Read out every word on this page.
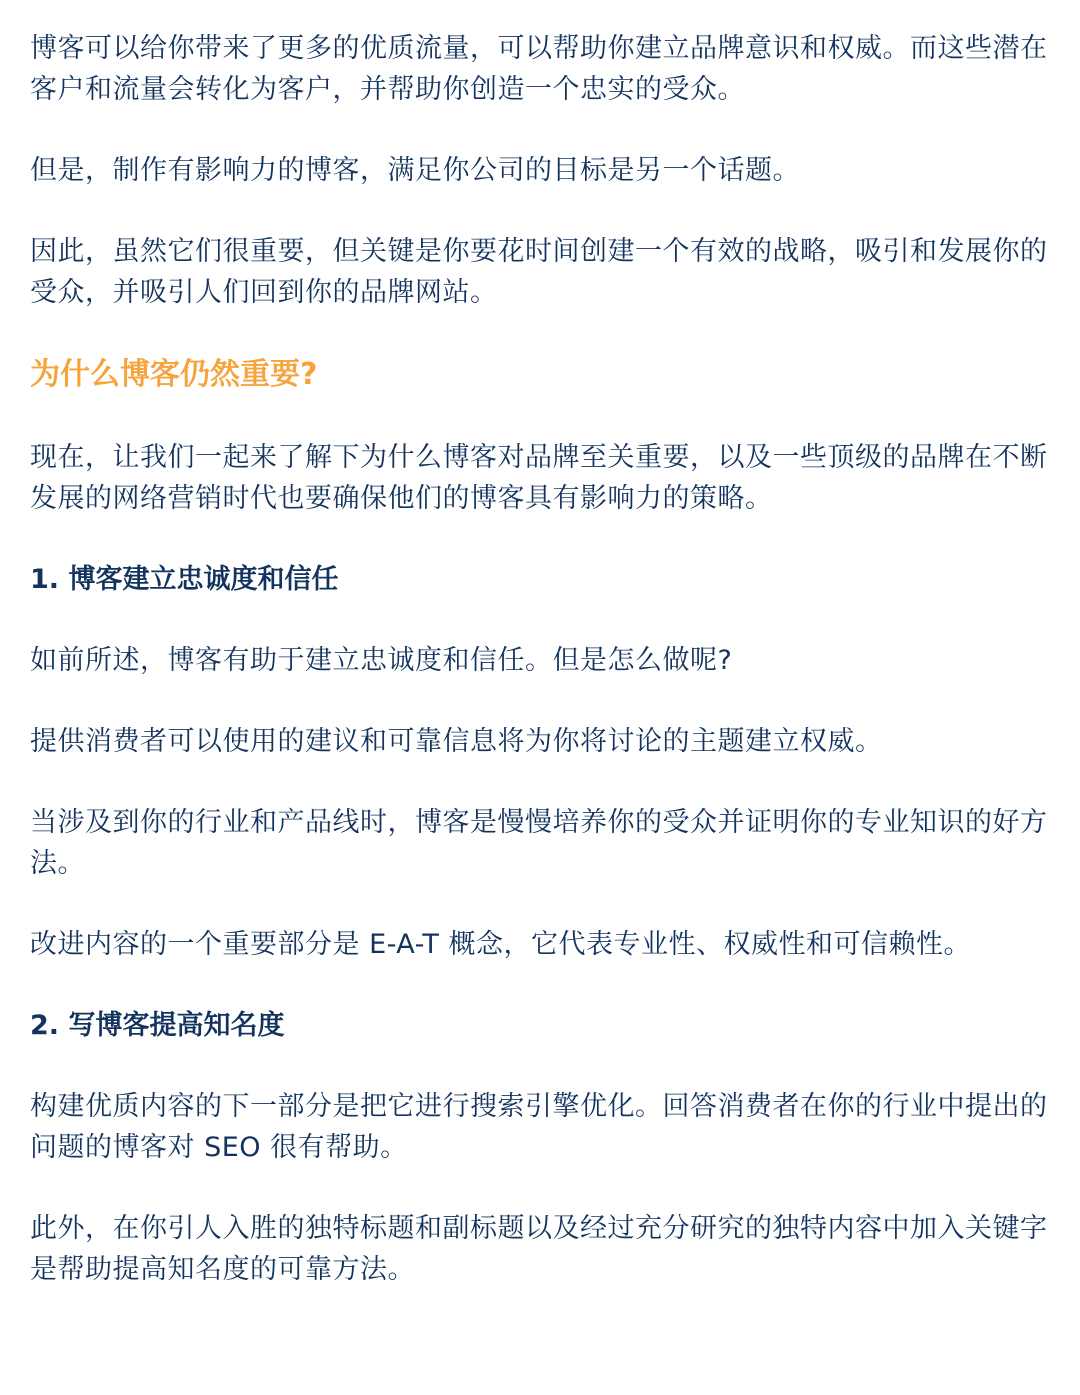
博客可以给你带来了更多的优质流量，可以帮助你建立品牌意识和权威。而这些潜在客户和流量会转化为客户，并帮助你创造一个忠实的受众。

但是，制作有影响力的博客，满足你公司的目标是另一个话题。

因此，虽然它们很重要，但关键是你要花时间创建一个有效的战略，吸引和发展你的受众，并吸引人们回到你的品牌网站。

为什么博客仍然重要?

现在，让我们一起来了解下为什么博客对品牌至关重要，以及一些顶级的品牌在不断发展的网络营销时代也要确保他们的博客具有影响力的策略。

1. 博客建立忠诚度和信任

如前所述，博客有助于建立忠诚度和信任。但是怎么做呢?

提供消费者可以使用的建议和可靠信息将为你将讨论的主题建立权威。

当涉及到你的行业和产品线时，博客是慢慢培养你的受众并证明你的专业知识的好方法。

改进内容的一个重要部分是 E-A-T 概念，它代表专业性、权威性和可信赖性。

2. 写博客提高知名度

构建优质内容的下一部分是把它进行搜索引擎优化。回答消费者在你的行业中提出的问题的博客对 SEO 很有帮助。

此外，在你引人入胜的独特标题和副标题以及经过充分研究的独特内容中加入关键字是帮助提高知名度的可靠方法。
